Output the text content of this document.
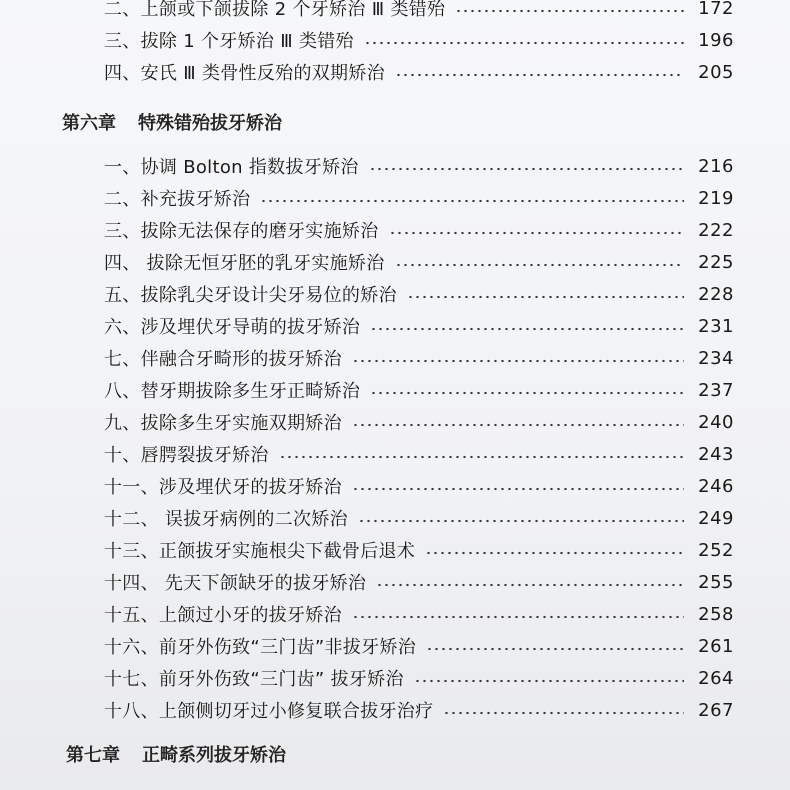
二、上颌或下颌拔除 2 个牙矫治 Ⅲ 类错殆	172
三、拔除 1 个牙矫治 Ⅲ 类错殆	196
四、安氏 Ⅲ 类骨性反殆的双期矫治	205
第六章 特殊错殆拔牙矫治
一、协调 Bolton 指数拔牙矫治	216
二、补充拔牙矫治	219
三、拔除无法保存的磨牙实施矫治	222
四、 拔除无恒牙胚的乳牙实施矫治	225
五、拔除乳尖牙设计尖牙易位的矫治	228
六、涉及埋伏牙导萌的拔牙矫治	231
七、伴融合牙畸形的拔牙矫治	234
八、替牙期拔除多生牙正畸矫治	237
九、拔除多生牙实施双期矫治	240
十、唇腭裂拔牙矫治	243
十一、涉及埋伏牙的拔牙矫治	246
十二、 误拔牙病例的二次矫治	249
十三、正颌拔牙实施根尖下截骨后退术	252
十四、 先天下颌缺牙的拔牙矫治	255
十五、上颌过小牙的拔牙矫治	258
十六、前牙外伤致“三门齿”非拔牙矫治	261
十七、前牙外伤致“三门齿” 拔牙矫治	264
十八、上颌侧切牙过小修复联合拔牙治疗	267
第七章 正畸系列拔牙矫治
